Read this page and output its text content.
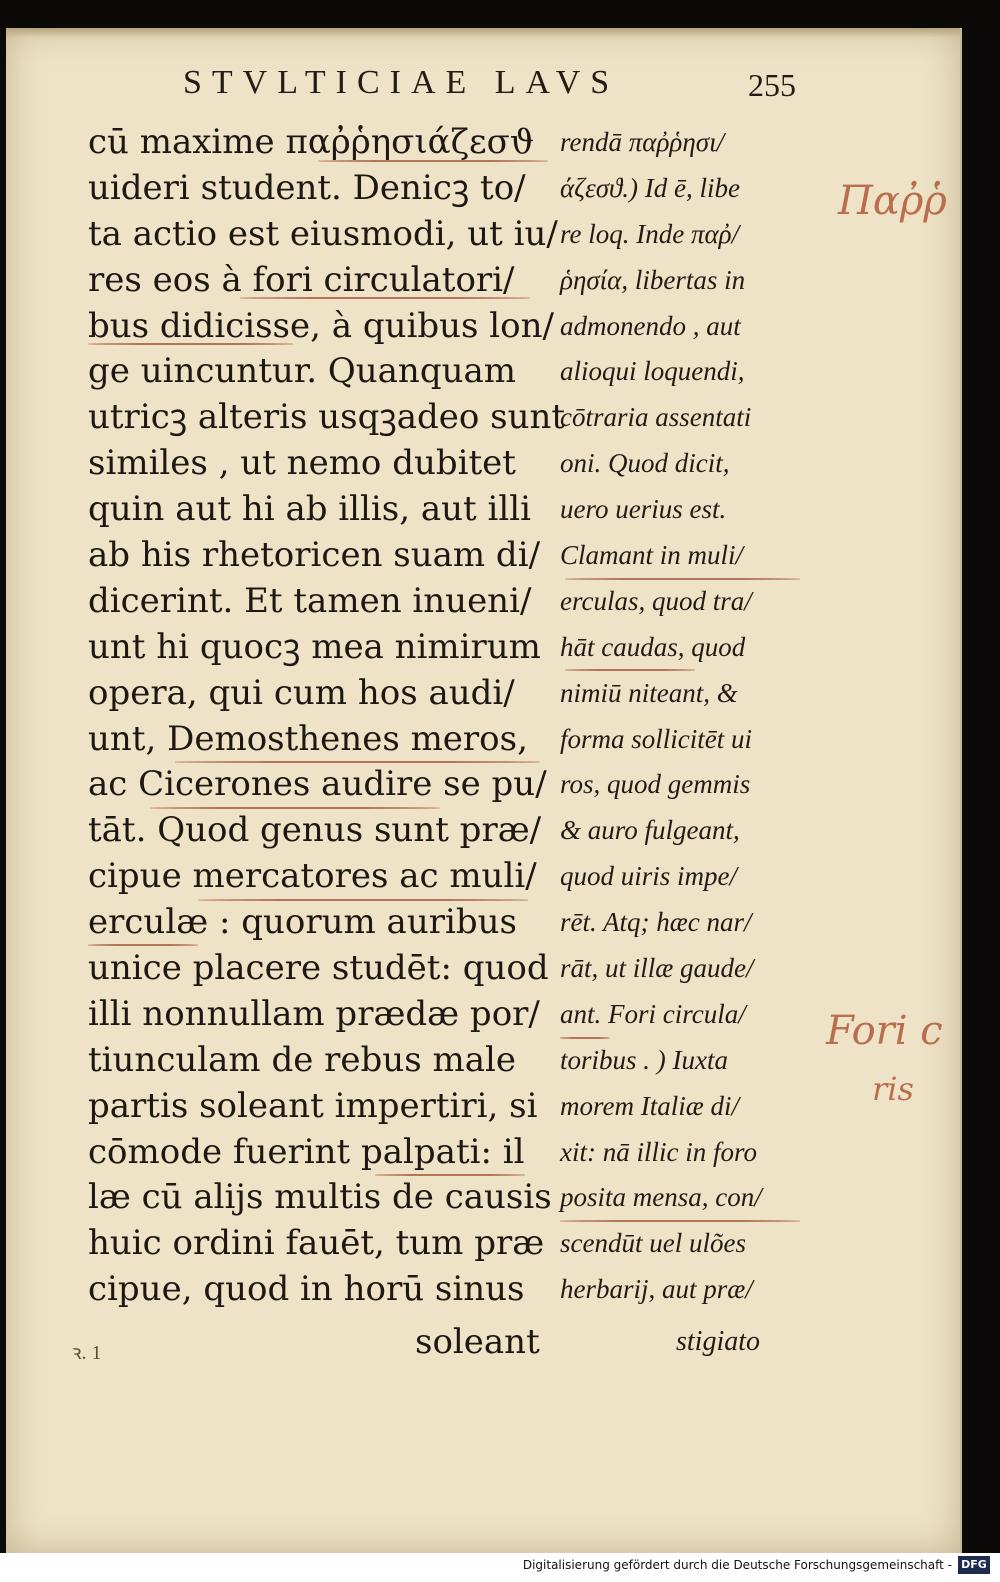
STVLTICIAE LAVS	255
cū maxime παῤῥησιάζεσϑ
uideri student. Denicꝫ to/
ta actio est eiusmodi, ut iu/
res eos à fori circulatori/
bus didicisse, à quibus lon/
ge uincuntur. Quanquam
utricꝫ alteris usqꝫadeo sunt
similes , ut nemo dubitet
quin aut hi ab illis, aut illi
ab his rhetoricen suam di/
dicerint. Et tamen inueni/
unt hi quocꝫ mea nimirum
opera, qui cum hos audi/
unt, Demosthenes meros,
ac Cicerones audire se pu/
tāt. Quod genus sunt præ/
cipue mercatores ac muli/
erculæ : quorum auribus
unice placere studēt: quod
illi nonnullam prædæ por/
tiunculam de rebus male
partis soleant impertiri, si
cōmode fuerint palpati: il
læ cū alijs multis de causis
huic ordini fauēt, tum præ
cipue, quod in horū sinus
rendā παῤῥησι/
άζεσϑ.) Id ē, libe
re loq. Inde παῤ/
ῥησία, libertas in
admonendo , aut
alioqui loquendi,
cōtraria assentati
oni. Quod dicit,
uero uerius est.
Clamant in muli/
erculas, quod tra/
hāt caudas, quod
nimiū niteant, &
forma sollicitēt ui
ros, quod gemmis
& auro fulgeant,
quod uiris impe/
rēt. Atq; hæc nar/
rāt, ut illæ gaude/
ant. Fori circula/
toribus . ) Iuxta
morem Italiæ di/
xit: nā illic in foro
posita mensa, con/
scendūt uel ulões
herbarij, aut præ/
soleant	stigiato
ꝛ. 1
Παῤῥ
Fori c
ris
Digitalisierung gefördert durch die Deutsche Forschungsgemeinschaft - DFG
